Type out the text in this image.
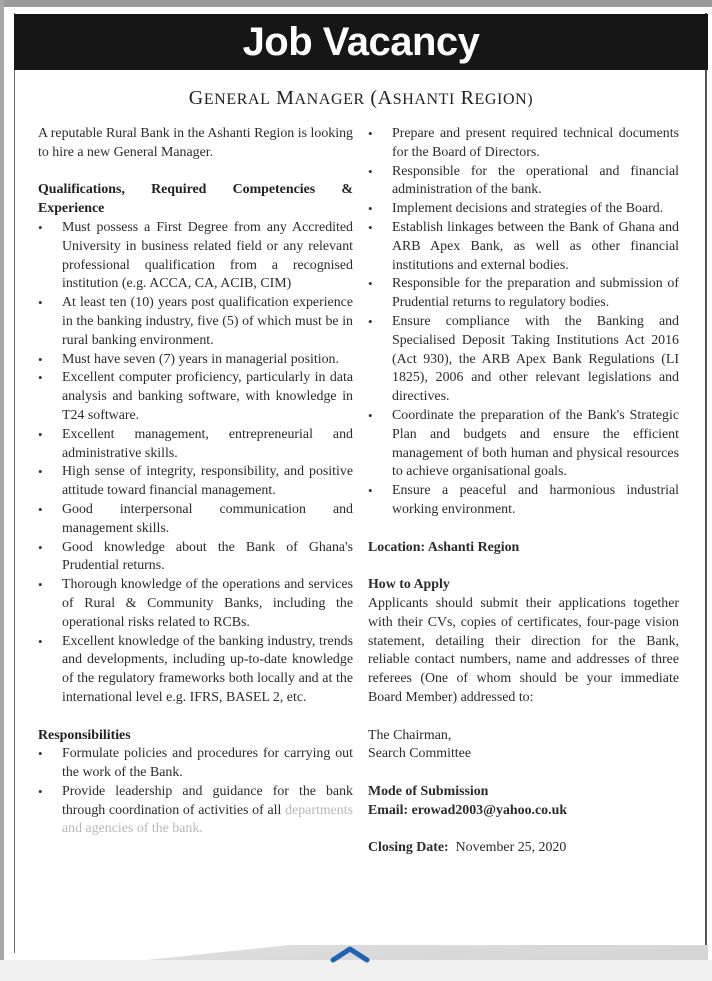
Job Vacancy
GENERAL MANAGER (ASHANTI REGION)

A reputable Rural Bank in the Ashanti Region is looking to hire a new General Manager.

Qualifications, Required Competencies & Experience

• Must possess a First Degree from any Accredited University in business related field or any relevant professional qualification from a recognised institution (e.g. ACCA, CA, ACIB, CIM)
• At least ten (10) years post qualification experience in the banking industry, five (5) of which must be in rural banking environment.
• Must have seven (7) years in managerial position.
• Excellent computer proficiency, particularly in data analysis and banking software, with knowledge in T24 software.
• Excellent management, entrepreneurial and administrative skills.
• High sense of integrity, responsibility, and positive attitude toward financial management.
• Good interpersonal communication and management skills.
• Good knowledge about the Bank of Ghana's Prudential returns.
• Thorough knowledge of the operations and services of Rural & Community Banks, including the operational risks related to RCBs.
• Excellent knowledge of the banking industry, trends and developments, including up-to-date knowledge of the regulatory frameworks both locally and at the international level e.g. IFRS, BASEL 2, etc.

Responsibilities

• Formulate policies and procedures for carrying out the work of the Bank.
• Provide leadership and guidance for the bank through coordination of activities of all departments and agencies of the bank.
• Prepare and present required technical documents for the Board of Directors.
• Responsible for the operational and financial administration of the bank.
• Implement decisions and strategies of the Board.
• Establish linkages between the Bank of Ghana and ARB Apex Bank, as well as other financial institutions and external bodies.
• Responsible for the preparation and submission of Prudential returns to regulatory bodies.
• Ensure compliance with the Banking and Specialised Deposit Taking Institutions Act 2016 (Act 930), the ARB Apex Bank Regulations (LI 1825), 2006 and other relevant legislations and directives.
• Coordinate the preparation of the Bank's Strategic Plan and budgets and ensure the efficient management of both human and physical resources to achieve organisational goals.
• Ensure a peaceful and harmonious industrial working environment.

Location: Ashanti Region

How to Apply

Applicants should submit their applications together with their CVs, copies of certificates, four-page vision statement, detailing their direction for the Bank, reliable contact numbers, name and addresses of three referees (One of whom should be your immediate Board Member) addressed to:

The Chairman,

Search Committee

Mode of Submission

Email: erowad2003@yahoo.co.uk

Closing Date: November 25, 2020
